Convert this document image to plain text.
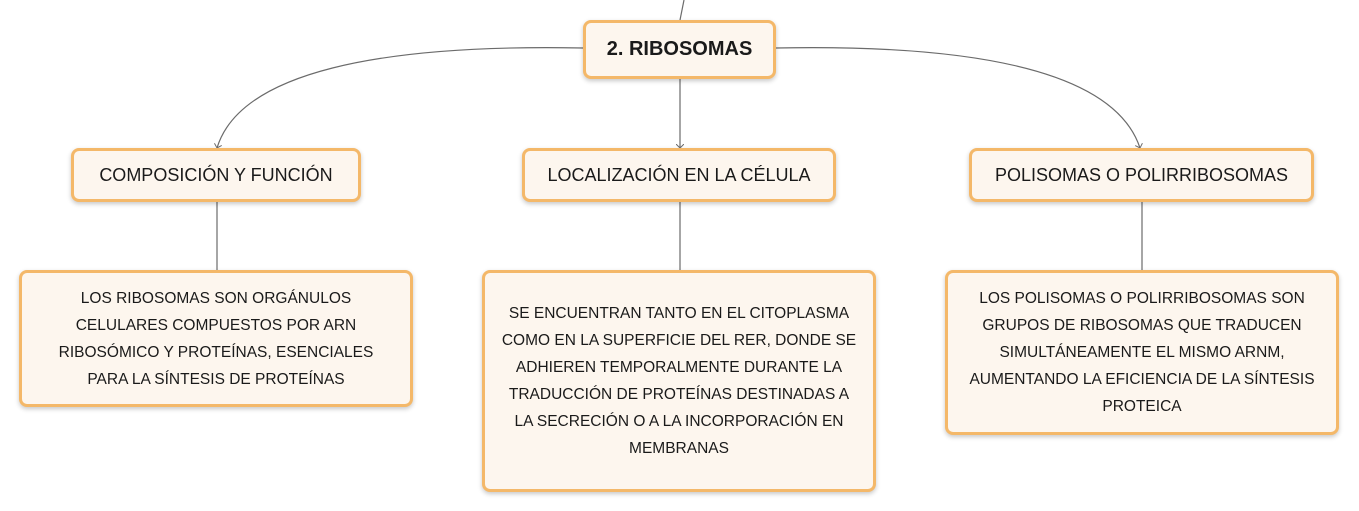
2. RIBOSOMAS
COMPOSICIÓN Y FUNCIÓN	LOCALIZACIÓN EN LA CÉLULA	POLISOMAS O POLIRRIBOSOMAS
LOS RIBOSOMAS SON ORGÁNULOS CELULARES COMPUESTOS POR ARN RIBOSÓMICO Y PROTEÍNAS, ESENCIALES PARA LA SÍNTESIS DE PROTEÍNAS
SE ENCUENTRAN TANTO EN EL CITOPLASMA COMO EN LA SUPERFICIE DEL RER, DONDE SE ADHIEREN TEMPORALMENTE DURANTE LA TRADUCCIÓN DE PROTEÍNAS DESTINADAS A LA SECRECIÓN O A LA INCORPORACIÓN EN MEMBRANAS
LOS POLISOMAS O POLIRRIBOSOMAS SON GRUPOS DE RIBOSOMAS QUE TRADUCEN SIMULTÁNEAMENTE EL MISMO ARNM, AUMENTANDO LA EFICIENCIA DE LA SÍNTESIS PROTEICA
